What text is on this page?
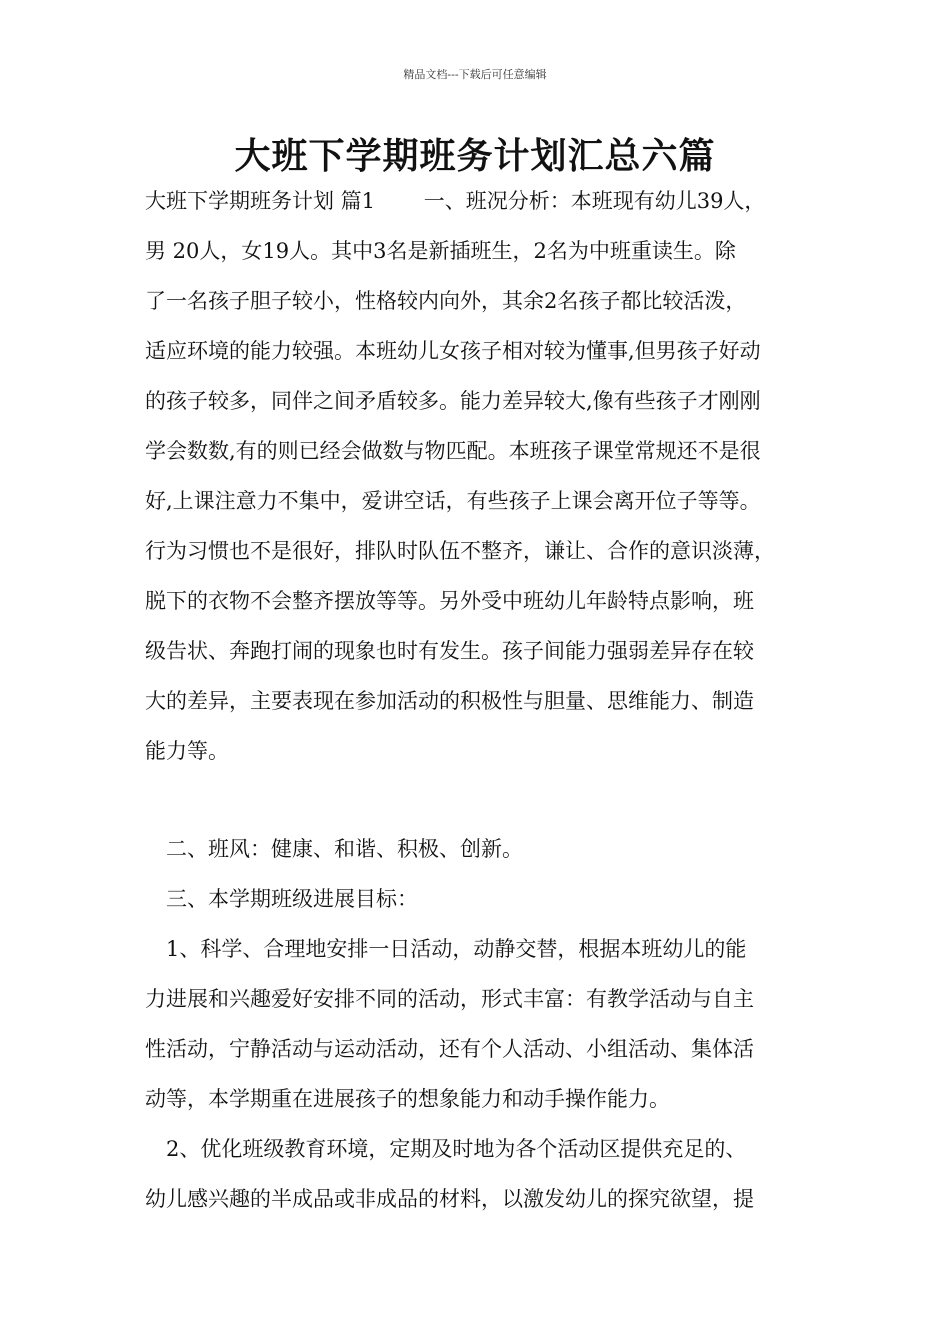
精品文档---下载后可任意编辑
大班下学期班务计划汇总六篇
大班下学期班务计划 篇1　　 一、班况分析：本班现有幼儿39人，
男 20人，女19人。其中3名是新插班生，2名为中班重读生。除
了一名孩子胆子较小，性格较内向外，其余2名孩子都比较活泼，
适应环境的能力较强。本班幼儿女孩子相对较为懂事,但男孩子好动
的孩子较多，同伴之间矛盾较多。能力差异较大,像有些孩子才刚刚
学会数数,有的则已经会做数与物匹配。本班孩子课堂常规还不是很
好,上课注意力不集中，爱讲空话，有些孩子上课会离开位子等等。
行为习惯也不是很好，排队时队伍不整齐，谦让、合作的意识淡薄，
脱下的衣物不会整齐摆放等等。另外受中班幼儿年龄特点影响，班
级告状、奔跑打闹的现象也时有发生。孩子间能力强弱差异存在较
大的差异，主要表现在参加活动的积极性与胆量、思维能力、制造
能力等。
　二、班风：健康、和谐、积极、创新。
　三、本学期班级进展目标：
　1、科学、合理地安排一日活动，动静交替，根据本班幼儿的能
力进展和兴趣爱好安排不同的活动，形式丰富：有教学活动与自主
性活动，宁静活动与运动活动，还有个人活动、小组活动、集体活
动等，本学期重在进展孩子的想象能力和动手操作能力。
　2、优化班级教育环境，定期及时地为各个活动区提供充足的、
幼儿感兴趣的半成品或非成品的材料，以激发幼儿的探究欲望，提
